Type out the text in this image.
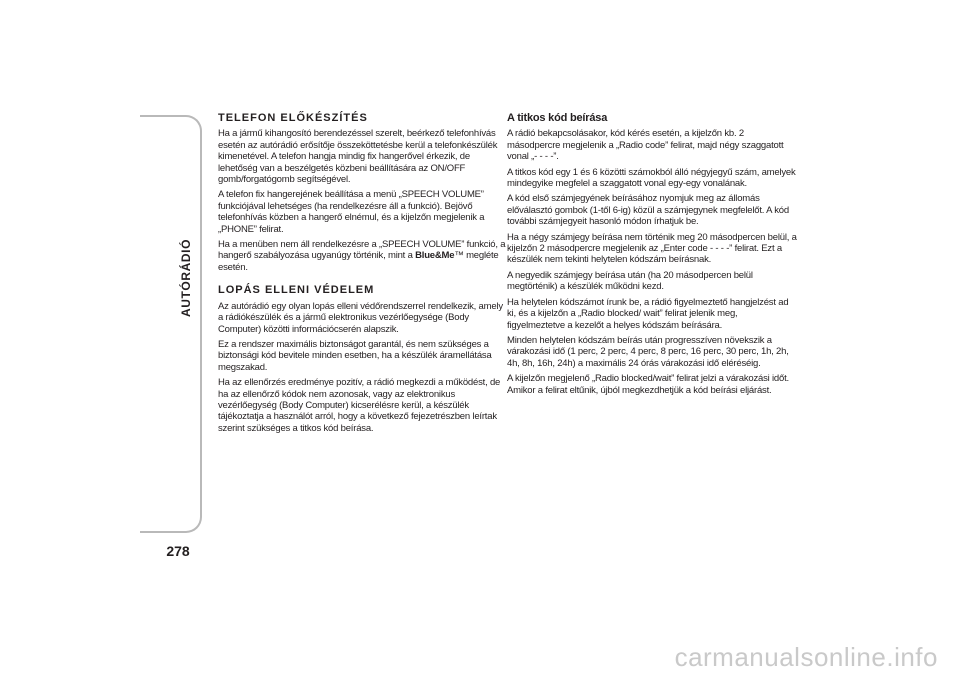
AUTÓRÁDIÓ
278
TELEFON ELŐKÉSZÍTÉS

Ha a jármű kihangosító berendezéssel szerelt, beérkező telefonhívás esetén az autórádió erősítője összeköttetésbe kerül a telefonkészülék kimenetével. A telefon hangja mindig fix hangerővel érkezik, de lehetőség van a beszélgetés közbeni beállítására az ON/OFF gomb/forgatógomb segítségével.

A telefon fix hangerejének beállítása a menü „SPEECH VOLUME” funkciójával lehetséges (ha rendelkezésre áll a funkció). Bejövő telefonhívás közben a hangerő elnémul, és a kijelzőn megjelenik a „PHONE” felirat.

Ha a menüben nem áll rendelkezésre a „SPEECH VOLUME” funkció, a hangerő szabályozása ugyanúgy történik, mint a Blue&Me™ megléte esetén.

LOPÁS ELLENI VÉDELEM

Az autórádió egy olyan lopás elleni védőrendszerrel rendelkezik, amely a rádiókészülék és a jármű elektronikus vezérlőegysége (Body Computer) közötti információcserén alapszik.

Ez a rendszer maximális biztonságot garantál, és nem szükséges a biztonsági kód bevitele minden esetben, ha a készülék áramellátása megszakad.

Ha az ellenőrzés eredménye pozitív, a rádió megkezdi a működést, de ha az ellenőrző kódok nem azonosak, vagy az elektronikus vezérlőegység (Body Computer) kicserélésre kerül, a készülék tájékoztatja a használót arról, hogy a következő fejezetrészben leírtak szerint szükséges a titkos kód beírása.

A titkos kód beírása

A rádió bekapcsolásakor, kód kérés esetén, a kijelzőn kb. 2 másodpercre megjelenik a „Radio code” felirat, majd négy szaggatott vonal „- - - -”.

A titkos kód egy 1 és 6 közötti számokból álló négyjegyű szám, amelyek mindegyike megfelel a szaggatott vonal egy-egy vonalának.

A kód első számjegyének beírásához nyomjuk meg az állomás előválasztó gombok (1-től 6-ig) közül a számjegynek megfelelőt. A kód további számjegyeit hasonló módon írhatjuk be.

Ha a négy számjegy beírása nem történik meg 20 másodpercen belül, a kijelzőn 2 másodpercre megjelenik az „Enter code - - - -” felirat. Ezt a készülék nem tekinti helytelen kódszám beírásnak.

A negyedik számjegy beírása után (ha 20 másodpercen belül megtörténik) a készülék működni kezd.

Ha helytelen kódszámot írunk be, a rádió figyelmeztető hangjelzést ad ki, és a kijelzőn a „Radio blocked/ wait” felirat jelenik meg, figyelmeztetve a kezelőt a helyes kódszám beírására.

Minden helytelen kódszám beírás után progresszíven növekszik a várakozási idő (1 perc, 2 perc, 4 perc, 8 perc, 16 perc, 30 perc, 1h, 2h, 4h, 8h, 16h, 24h) a maximális 24 órás várakozási idő eléréséig.

A kijelzőn megjelenő „Radio blocked/wait” felirat jelzi a várakozási időt. Amikor a felirat eltűnik, újból megkezdhetjük a kód beírási eljárást.

carmanualsonline.info
